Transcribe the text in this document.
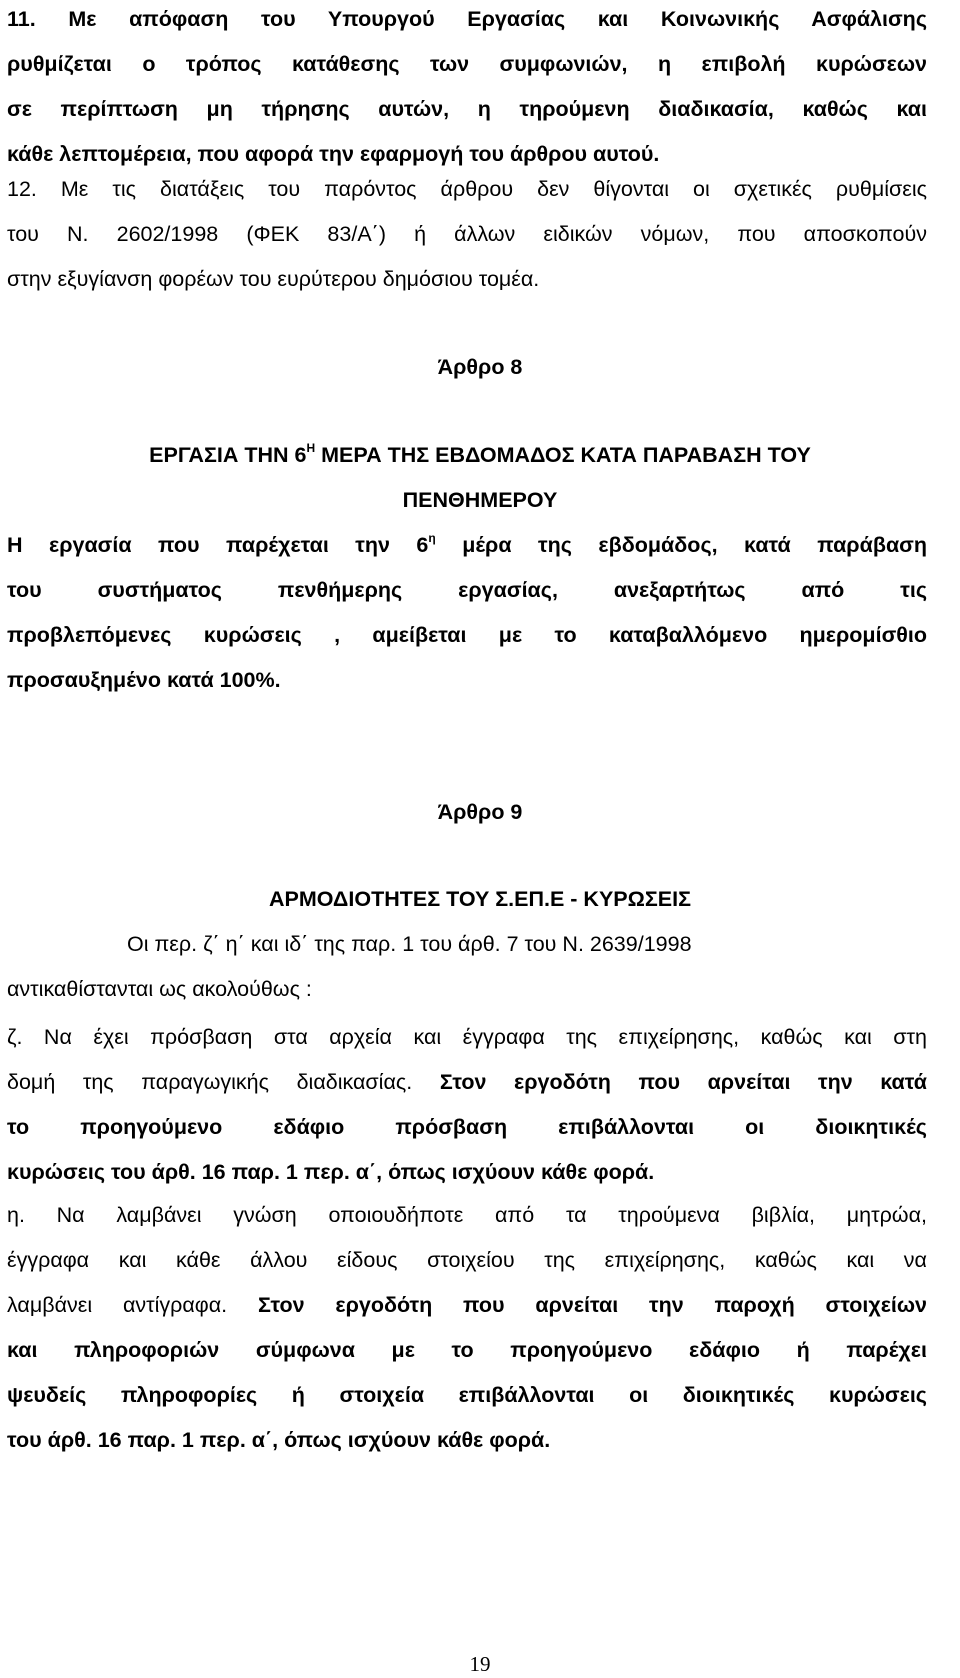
11. Με απόφαση του Υπουργού Εργασίας και Κοινωνικής Ασφάλισης
ρυθμίζεται ο τρόπος κατάθεσης των συμφωνιών, η επιβολή κυρώσεων
σε περίπτωση μη τήρησης αυτών, η τηρούμενη διαδικασία, καθώς και
κάθε λεπτομέρεια, που αφορά την εφαρμογή του άρθρου αυτού.
12. Με τις διατάξεις του παρόντος άρθρου δεν θίγονται οι σχετικές ρυθμίσεις
του Ν. 2602/1998 (ΦΕΚ 83/Α΄) ή άλλων ειδικών νόμων, που αποσκοπούν
στην εξυγίανση φορέων του ευρύτερου δημόσιου τομέα.
Άρθρο 8
ΕΡΓΑΣΙΑ ΤΗΝ $6^H$ ΜΕΡΑ ΤΗΣ ΕΒΔΟΜΑΔΟΣ ΚΑΤΑ ΠΑΡΑΒΑΣΗ ΤΟΥ
ΠΕΝΘΗΜΕΡΟΥ
Η εργασία που παρέχεται την $6^\eta$ μέρα της εβδομάδος, κατά παράβαση
του συστήματος πενθήμερης εργασίας, ανεξαρτήτως από τις
προβλεπόμενες κυρώσεις , αμείβεται με το καταβαλλόμενο ημερομίσθιο
προσαυξημένο κατά 100%.
Άρθρο 9
ΑΡΜΟΔΙΟΤΗΤΕΣ ΤΟΥ Σ.ΕΠ.Ε - ΚΥΡΩΣΕΙΣ
Οι περ. ζ΄ η΄ και ιδ΄ της παρ. 1 του άρθ. 7 του Ν. 2639/1998
αντικαθίστανται ως ακολούθως :
ζ. Να έχει πρόσβαση στα αρχεία και έγγραφα της επιχείρησης, καθώς και στη
δομή της παραγωγικής διαδικασίας. Στον εργοδότη που αρνείται την κατά
το προηγούμενο εδάφιο πρόσβαση επιβάλλονται οι διοικητικές
κυρώσεις του άρθ. 16 παρ. 1 περ. α΄, όπως ισχύουν κάθε φορά.
η. Να λαμβάνει γνώση οποιουδήποτε από τα τηρούμενα βιβλία, μητρώα,
έγγραφα και κάθε άλλου είδους στοιχείου της επιχείρησης, καθώς και να
λαμβάνει αντίγραφα. Στον εργοδότη που αρνείται την παροχή στοιχείων
και πληροφοριών σύμφωνα με το προηγούμενο εδάφιο ή παρέχει
ψευδείς πληροφορίες ή στοιχεία επιβάλλονται οι διοικητικές κυρώσεις
του άρθ. 16 παρ. 1 περ. α΄, όπως ισχύουν κάθε φορά.
19
